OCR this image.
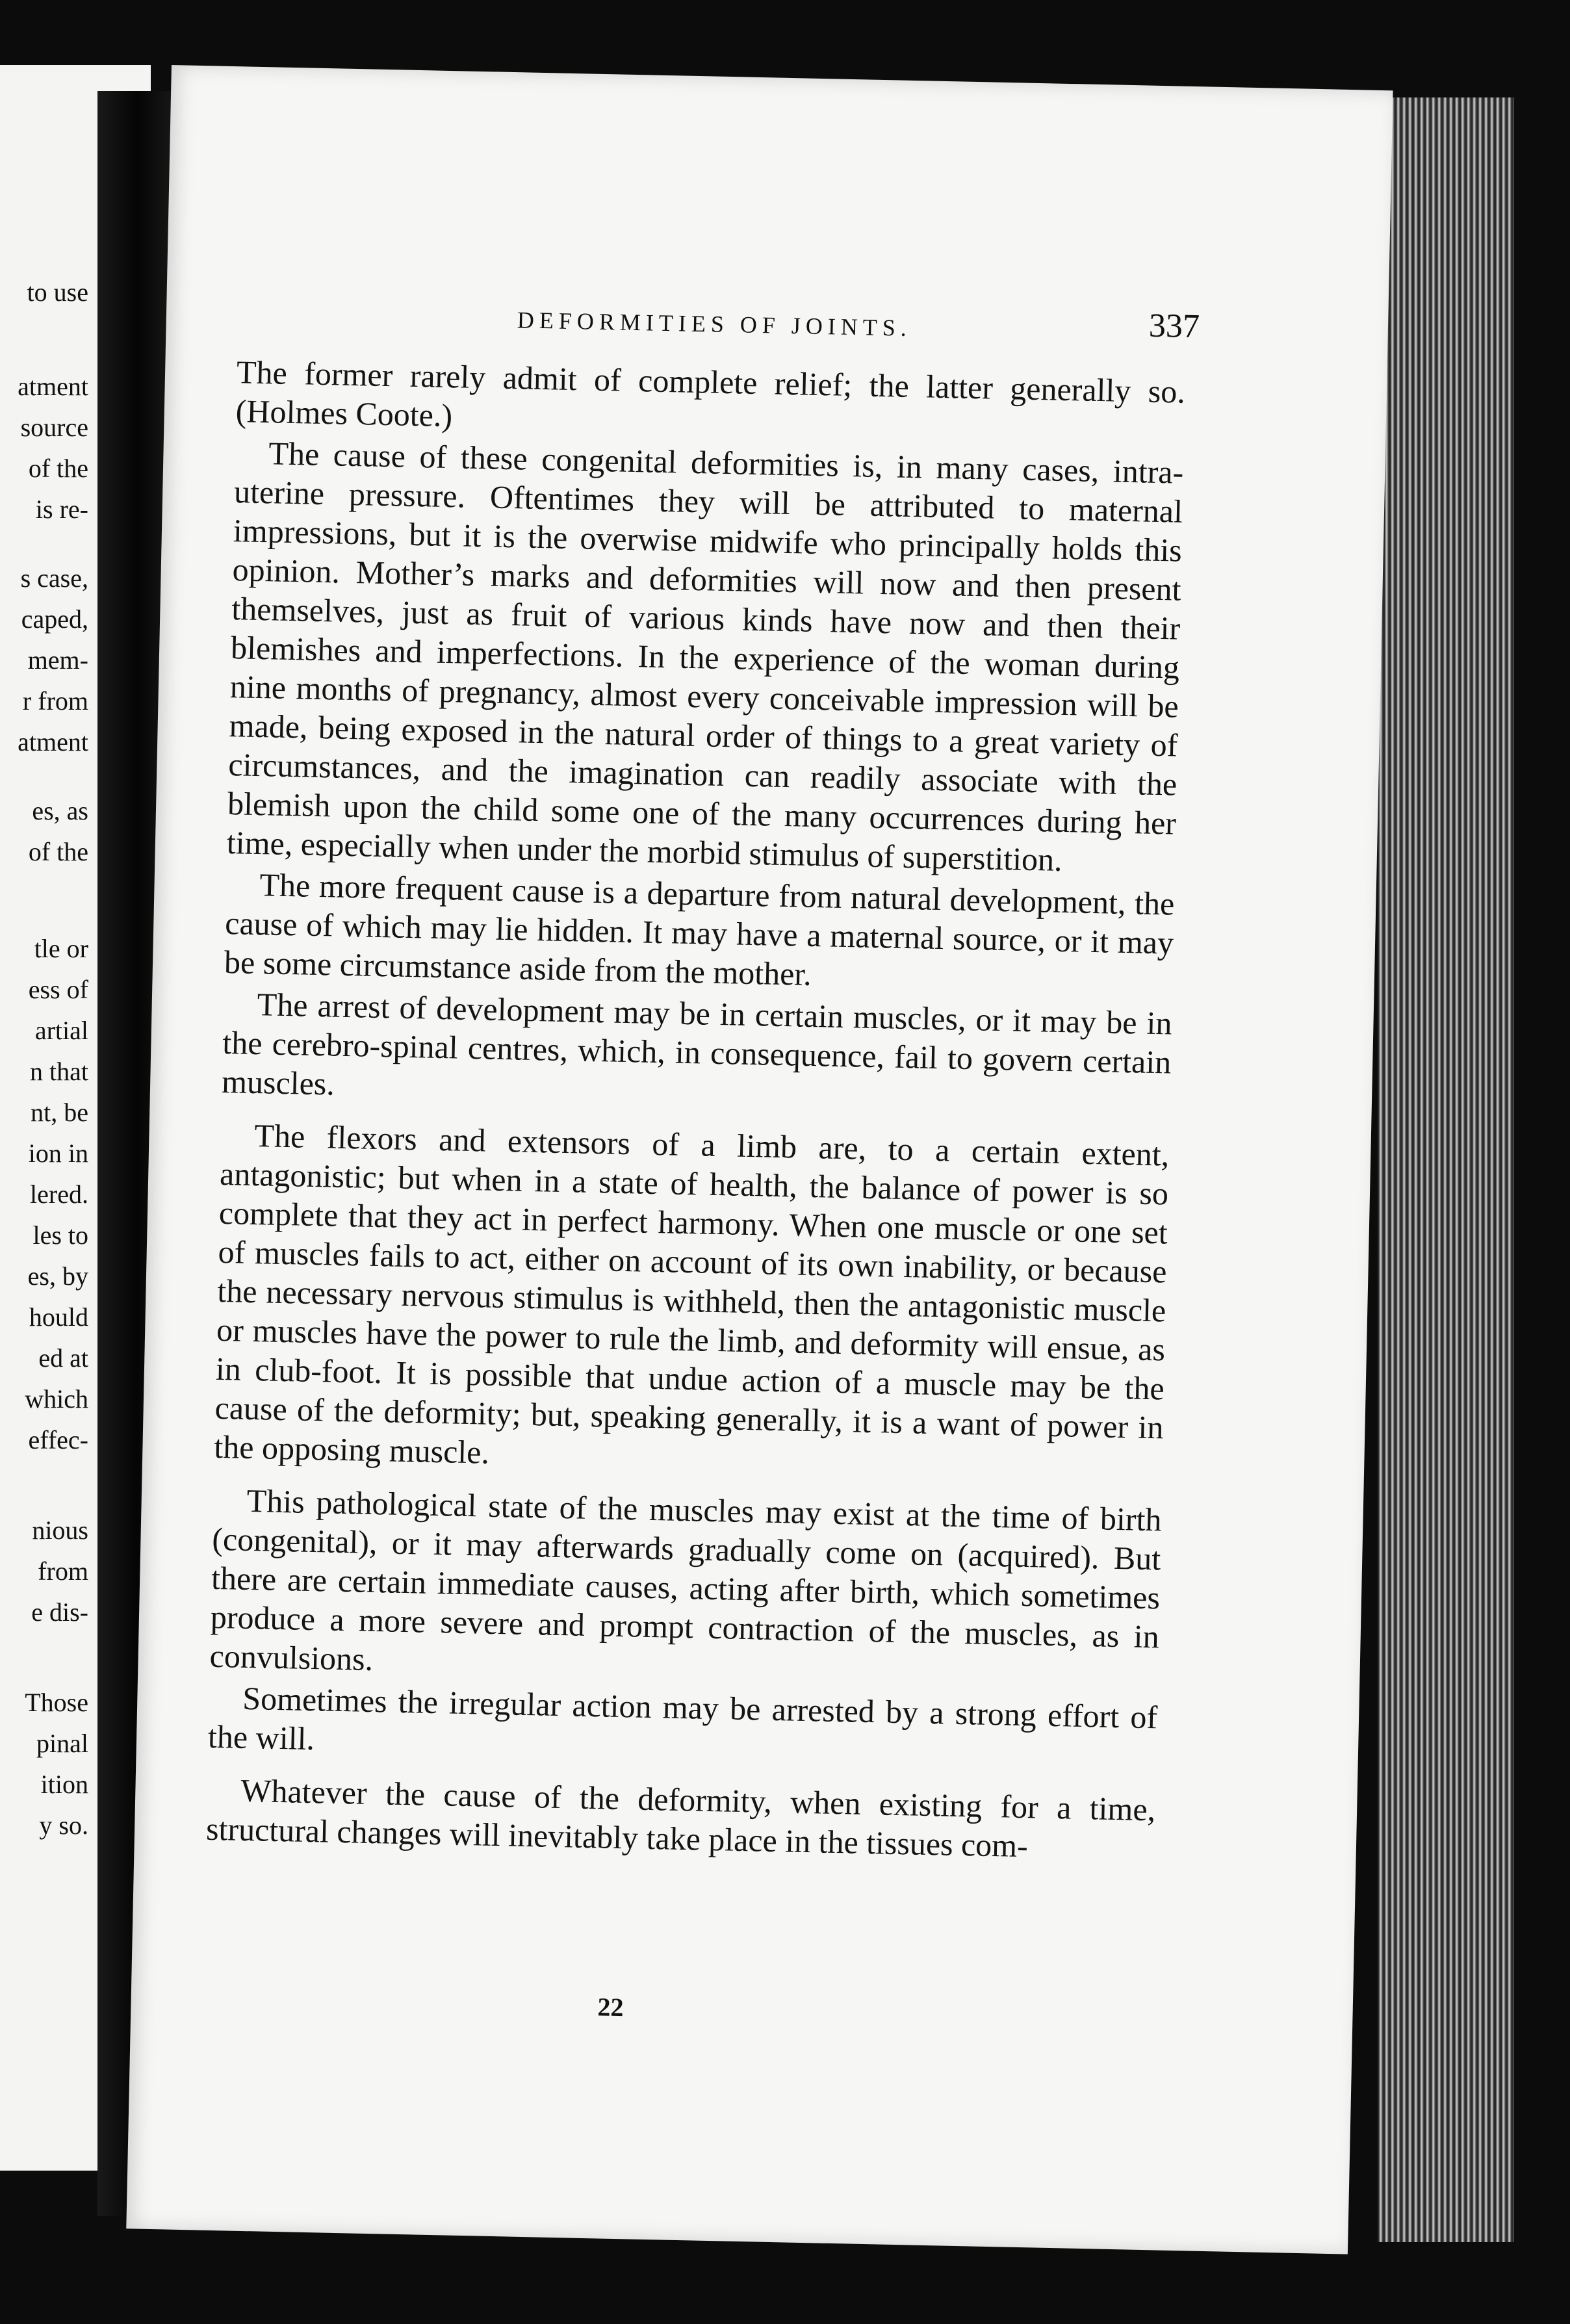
to use
atment
source
of the
is re-
s case,
caped,
mem-
r from
atment
es, as
of the
tle or
ess of
artial
n that
nt, be
ion in
lered.
les to
es, by
hould
ed at
which
effec-
nious
from
e dis-
Those
pinal
ition
y so.
DEFORMITIES OF JOINTS.	337

The former rarely admit of complete relief; the latter generally so. (Holmes Coote.)

The cause of these congenital deformities is, in many cases, intra-uterine pressure. Oftentimes they will be attributed to maternal impressions, but it is the overwise midwife who principally holds this opinion. Mother’s marks and deformities will now and then present themselves, just as fruit of various kinds have now and then their blemishes and imperfections. In the experience of the woman during nine months of pregnancy, almost every conceivable impression will be made, being exposed in the natural order of things to a great variety of circumstances, and the imagination can readily associate with the blemish upon the child some one of the many occurrences during her time, especially when under the morbid stimulus of superstition.

The more frequent cause is a departure from natural development, the cause of which may lie hidden. It may have a maternal source, or it may be some circumstance aside from the mother.

The arrest of development may be in certain muscles, or it may be in the cerebro-spinal centres, which, in consequence, fail to govern certain muscles.

The flexors and extensors of a limb are, to a certain extent, antagonistic; but when in a state of health, the balance of power is so complete that they act in perfect harmony. When one muscle or one set of muscles fails to act, either on account of its own inability, or because the necessary nervous stimulus is withheld, then the antagonistic muscle or muscles have the power to rule the limb, and deformity will ensue, as in club-foot. It is possible that undue action of a muscle may be the cause of the deformity; but, speaking generally, it is a want of power in the opposing muscle.

This pathological state of the muscles may exist at the time of birth (congenital), or it may afterwards gradually come on (acquired). But there are certain immediate causes, acting after birth, which sometimes produce a more severe and prompt contraction of the muscles, as in convulsions.

Sometimes the irregular action may be arrested by a strong effort of the will.

Whatever the cause of the deformity, when existing for a time, structural changes will inevitably take place in the tissues com-

22
